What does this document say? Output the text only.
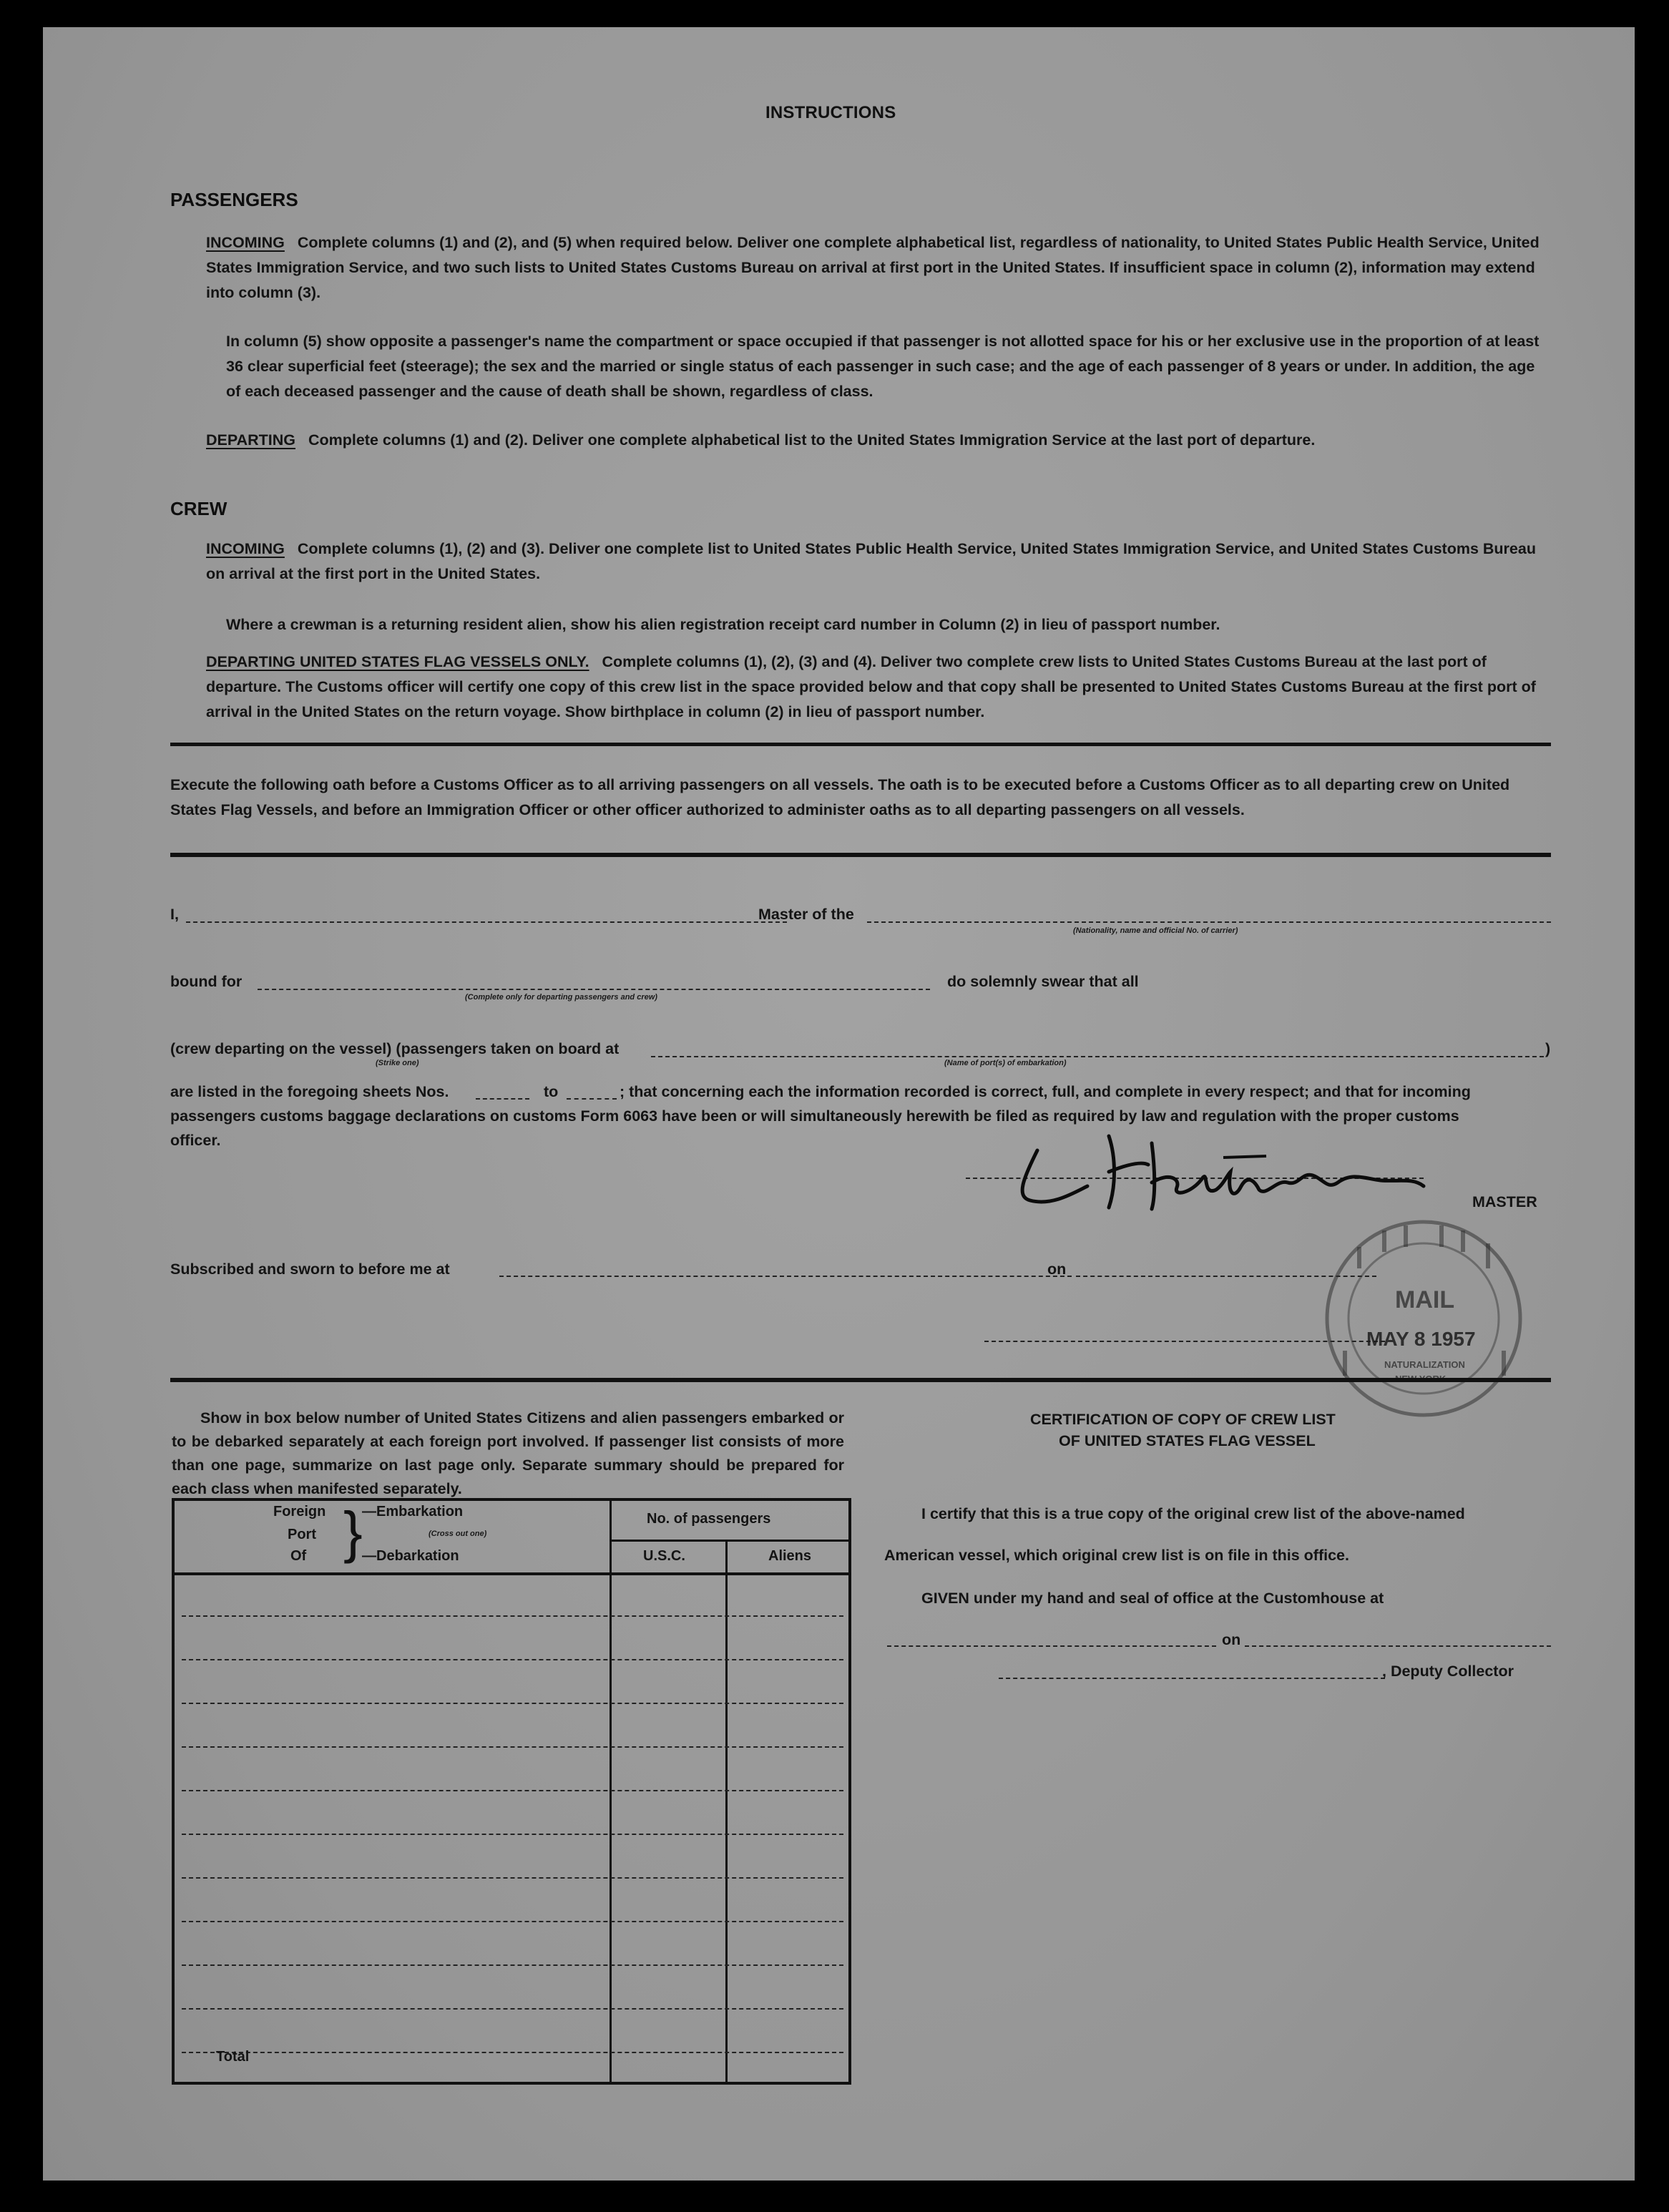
INSTRUCTIONS
PASSENGERS
INCOMING Complete columns (1) and (2), and (5) when required below. Deliver one complete alphabetical list, regardless of nationality, to United States Public Health Service, United States Immigration Service, and two such lists to United States Customs Bureau on arrival at first port in the United States. If insufficient space in column (2), information may extend into column (3).
In column (5) show opposite a passenger's name the compartment or space occupied if that passenger is not allotted space for his or her exclusive use in the proportion of at least 36 clear superficial feet (steerage); the sex and the married or single status of each passenger in such case; and the age of each passenger of 8 years or under. In addition, the age of each deceased passenger and the cause of death shall be shown, regardless of class.
DEPARTING Complete columns (1) and (2). Deliver one complete alphabetical list to the United States Immigration Service at the last port of departure.
CREW
INCOMING Complete columns (1), (2) and (3). Deliver one complete list to United States Public Health Service, United States Immigration Service, and United States Customs Bureau on arrival at the first port in the United States.
Where a crewman is a returning resident alien, show his alien registration receipt card number in Column (2) in lieu of passport number.
DEPARTING UNITED STATES FLAG VESSELS ONLY. Complete columns (1), (2), (3) and (4). Deliver two complete crew lists to United States Customs Bureau at the last port of departure. The Customs officer will certify one copy of this crew list in the space provided below and that copy shall be presented to United States Customs Bureau at the first port of arrival in the United States on the return voyage. Show birthplace in column (2) in lieu of passport number.
Execute the following oath before a Customs Officer as to all arriving passengers on all vessels. The oath is to be executed before a Customs Officer as to all departing crew on United States Flag Vessels, and before an Immigration Officer or other officer authorized to administer oaths as to all departing passengers on all vessels.
I,	Master of the
(Nationality, name and official No. of carrier)
bound for
(Complete only for departing passengers and crew)
do solemnly swear that all
(crew departing on the vessel) (passengers taken on board at	)
(Strike one)	(Name of port(s) of embarkation)
are listed in the foregoing sheets Nos.	to	; that concerning each the information recorded is correct, full, and complete in every respect; and that for incoming
passengers customs baggage declarations on customs Form 6063 have been or will simultaneously herewith be filed as required by law and regulation with the proper customs
officer.
MASTER
Subscribed and sworn to before me at	on
MAIL
MAY 8 1957
NATURALIZATION
Show in box below number of United States Citizens and alien passengers embarked or to be debarked separately at each foreign port involved. If passenger list consists of more than one page, summarize on last page only. Separate summary should be prepared for each class when manifested separately.
Foreign
Port
Of } —Embarkation
(Cross out one)
—Debarkation
No. of passengers
U.S.C.	Aliens
Total
CERTIFICATION OF COPY OF CREW LIST
OF UNITED STATES FLAG VESSEL
I certify that this is a true copy of the original crew list of the above-named
American vessel, which original crew list is on file in this office.
GIVEN under my hand and seal of office at the Customhouse at
on
, Deputy Collector
